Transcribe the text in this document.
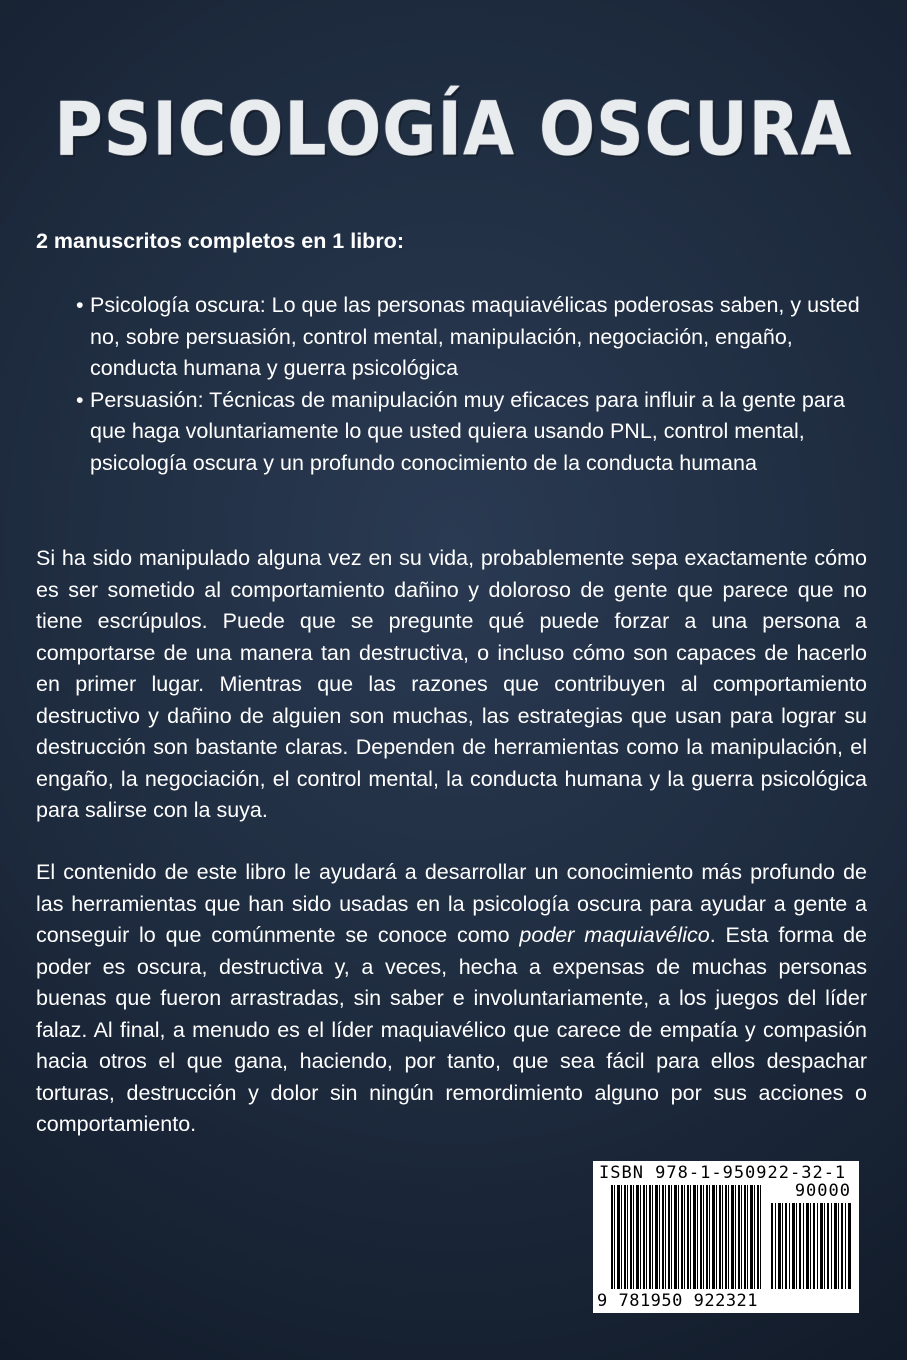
PSICOLOGÍA OSCURA
2 manuscritos completos en 1 libro:
• Psicología oscura: Lo que las personas maquiavélicas poderosas saben, y usted no, sobre persuasión, control mental, manipulación, negociación, engaño, conducta humana y guerra psicológica
• Persuasión: Técnicas de manipulación muy eficaces para influir a la gente para que haga voluntariamente lo que usted quiera usando PNL, control mental, psicología oscura y un profundo conocimiento de la conducta humana

Si ha sido manipulado alguna vez en su vida, probablemente sepa exactamente cómo es ser sometido al comportamiento dañino y doloroso de gente que parece que no tiene escrúpulos. Puede que se pregunte qué puede forzar a una persona a comportarse de una manera tan destructiva, o incluso cómo son capaces de hacerlo en primer lugar. Mientras que las razones que contribuyen al comportamiento destructivo y dañino de alguien son muchas, las estrategias que usan para lograr su destrucción son bastante claras. Dependen de herramientas como la manipulación, el engaño, la negociación, el control mental, la conducta humana y la guerra psicológica para salirse con la suya.

El contenido de este libro le ayudará a desarrollar un conocimiento más profundo de las herramientas que han sido usadas en la psicología oscura para ayudar a gente a conseguir lo que comúnmente se conoce como poder maquiavélico. Esta forma de poder es oscura, destructiva y, a veces, hecha a expensas de muchas personas buenas que fueron arrastradas, sin saber e involuntariamente, a los juegos del líder falaz. Al final, a menudo es el líder maquiavélico que carece de empatía y compasión hacia otros el que gana, haciendo, por tanto, que sea fácil para ellos despachar torturas, destrucción y dolor sin ningún remordimiento alguno por sus acciones o comportamiento.

ISBN 978-1-950922-32-1
90000
9 781950 922321
